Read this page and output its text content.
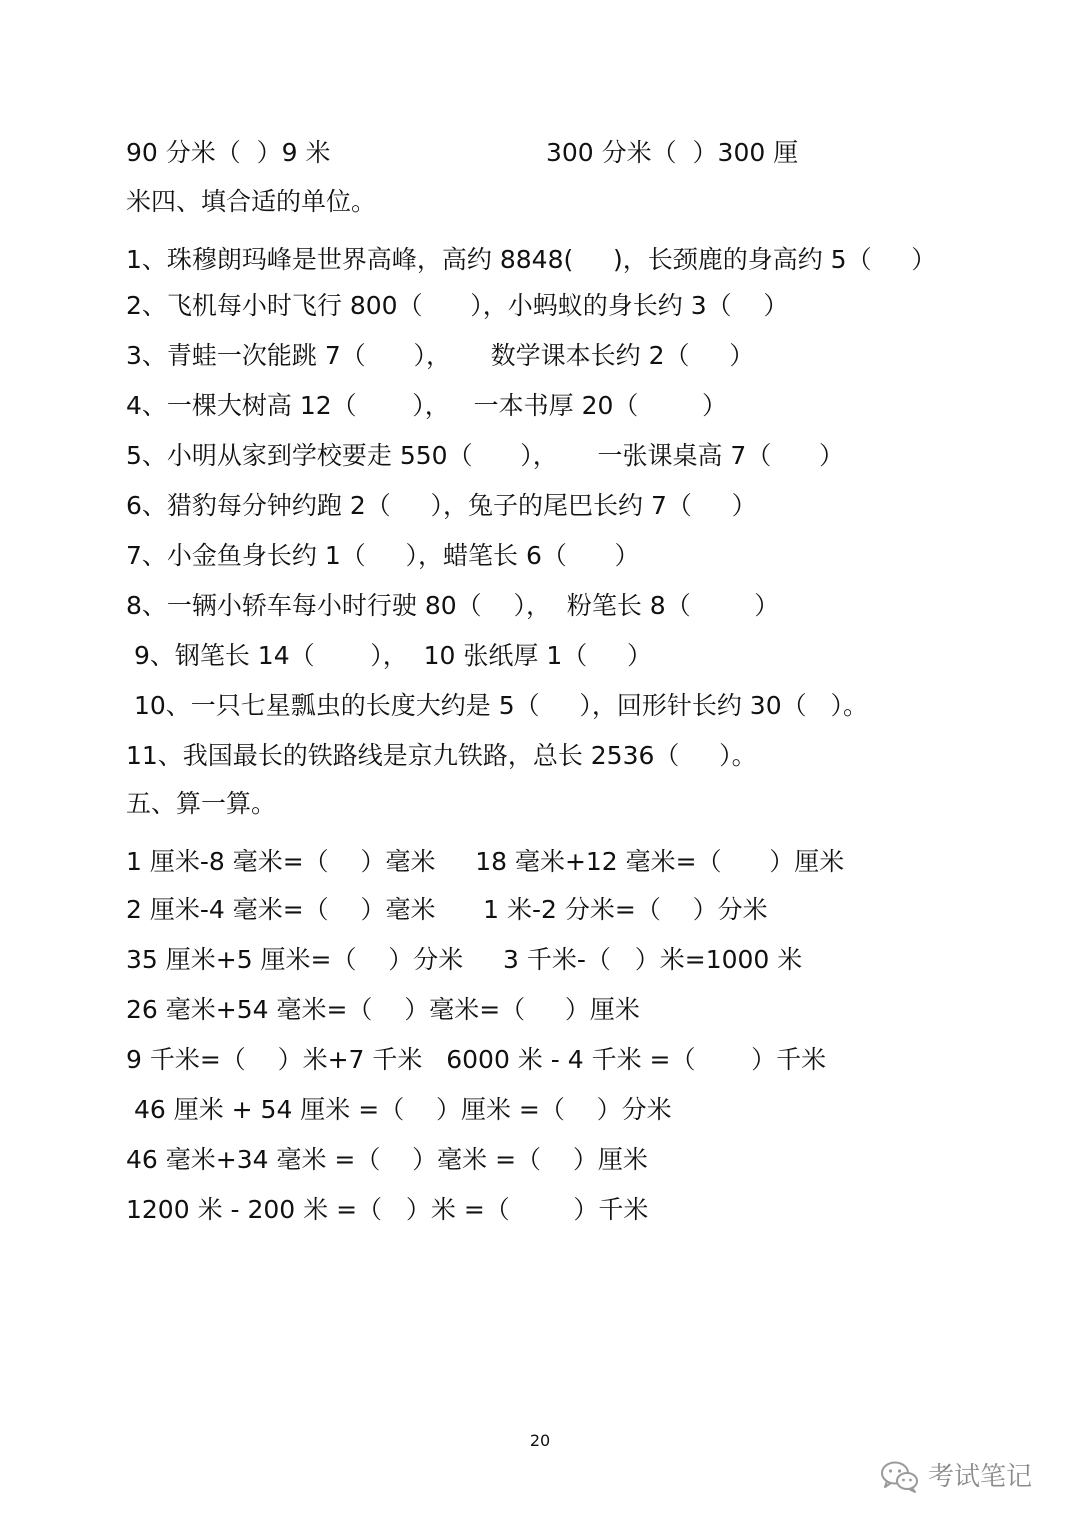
90 分米（  ）9 米	300 分米（  ）300 厘
米四、填合适的单位。
1、珠穆朗玛峰是世界高峰，高约 8848(     )，长颈鹿的身高约 5（     ）
2、飞机每小时飞行 800（      ），小蚂蚁的身长约 3（    ）
3、青蛙一次能跳 7（      ），     数学课本长约 2（     ）
4、一棵大树高 12（       ），   一本书厚 20（        ）
5、小明从家到学校要走 550（      ），     一张课桌高 7（      ）
6、猎豹每分钟约跑 2（     ），兔子的尾巴长约 7（     ）
7、小金鱼身长约 1（     ），蜡笔长 6（      ）
8、一辆小轿车每小时行驶 80（    ），  粉笔长 8（        ）
9、钢笔长 14（       ），  10 张纸厚 1（     ）
10、一只七星瓢虫的长度大约是 5（     ），回形针长约 30（   ）。
11、我国最长的铁路线是京九铁路，总长 2536（     ）。
五、算一算。
1 厘米-8 毫米=（    ）毫米     18 毫米+12 毫米=（      ）厘米
2 厘米-4 毫米=（    ）毫米      1 米-2 分米=（    ）分米
35 厘米+5 厘米=（    ）分米     3 千米-（   ）米=1000 米
26 毫米+54 毫米=（    ）毫米=（     ）厘米
9 千米=（    ）米+7 千米   6000 米 - 4 千米 =（       ）千米
46 厘米 + 54 厘米 =（    ）厘米 =（    ）分米
46 毫米+34 毫米 =（    ）毫米 =（    ）厘米
1200 米 - 200 米 =（   ）米 =（        ）千米
20
考试笔记
